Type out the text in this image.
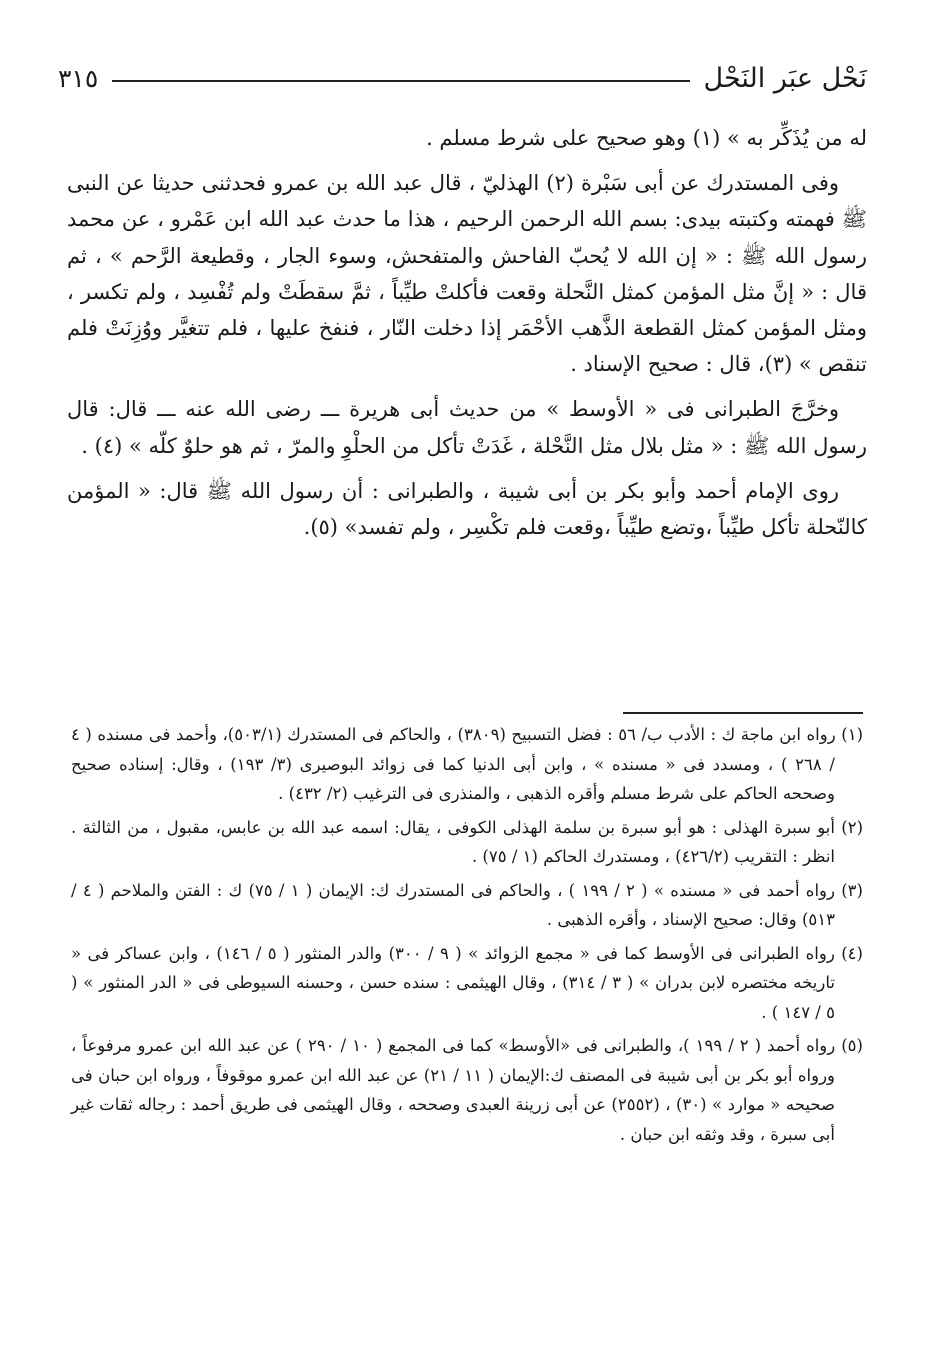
نَحْل عبَر النَحْل
٣١٥

له من يُذَكِّر به » (١) وهو صحيح على شرط مسلم .

وفى المستدرك عن أبى سَبْرة (٢) الهذليّ ، قال عبد الله بن عمرو فحدثنى حديثا عن النبى ﷺ فهمته وكتبته بيدى: بسم الله الرحمن الرحيم ، هذا ما حدث عبد الله ابن عَمْرو ، عن محمد رسول الله ﷺ : « إن الله لا يُحبّ الفاحش والمتفحش، وسوء الجار ، وقطيعة الرَّحم » ، ثم قال : « إنَّ مثل المؤمن كمثل النَّحلة وقعت فأكلتْ طيِّباً ، ثمَّ سقطَتْ ولم تُفْسِد ، ولم تكسر ، ومثل المؤمن كمثل القطعة الذَّهب الأحْمَر إذا دخلت النّار ، فنفخ عليها ، فلم تتغيَّر ووُزِنَتْ فلم تنقص » (٣)، قال : صحيح الإسناد .

وخرَّجَ الطبرانى فى « الأوسط » من حديث أبى هريرة ـــ رضى الله عنه ـــ قال: قال رسول الله ﷺ : « مثل بلال مثل النَّحْلة ، غَدَتْ تأكل من الحلْوِ والمرّ ، ثم هو حلوٌ كلّه » (٤) .

روى الإمام أحمد وأبو بكر بن أبى شيبة ، والطبرانى : أن رسول الله ﷺ قال: « المؤمن كالنّحلة تأكل طيِّباً ،وتضع طيِّباً ،وقعت فلم تكْسِر ، ولم تفسد» (٥).

(١) رواه ابن ماجة ك : الأدب ب/ ٥٦ : فضل التسبيح (٣٨٠٩) ، والحاكم فى المستدرك (٥٠٣/١)، وأحمد فى مسنده ( ٤ / ٢٦٨ ) ، ومسدد فى « مسنده » ، وابن أبى الدنيا كما فى زوائد البوصيرى (٣/ ١٩٣) ، وقال: إسناده صحيح وصححه الحاكم على شرط مسلم وأقره الذهبى ، والمنذرى فى الترغيب (٢/ ٤٣٢) .

(٢) أبو سبرة الهذلى : هو أبو سبرة بن سلمة الهذلى الكوفى ، يقال: اسمه عبد الله بن عابس، مقبول ، من الثالثة . انظر : التقريب (٤٢٦/٢) ، ومستدرك الحاكم (١ / ٧٥) .

(٣) رواه أحمد فى « مسنده » ( ٢ / ١٩٩ ) ، والحاكم فى المستدرك ك: الإيمان ( ١ / ٧٥) ك : الفتن والملاحم ( ٤ / ٥١٣) وقال: صحيح الإسناد ، وأقره الذهبى .

(٤) رواه الطبرانى فى الأوسط كما فى « مجمع الزوائد » ( ٩ / ٣٠٠) والدر المنثور ( ٥ / ١٤٦) ، وابن عساكر فى « تاريخه مختصره لابن بدران » ( ٣ / ٣١٤) ، وقال الهيثمى : سنده حسن ، وحسنه السيوطى فى « الدر المنثور » ( ٥ / ١٤٧ ) .

(٥) رواه أحمد ( ٢ / ١٩٩ )، والطبرانى فى «الأوسط» كما فى المجمع ( ١٠ / ٢٩٠ ) عن عبد الله ابن عمرو مرفوعاً ، ورواه أبو بكر بن أبى شيبة فى المصنف ك:الإيمان ( ١١ / ٢١) عن عبد الله ابن عمرو موقوفاً ، ورواه ابن حبان فى صحيحه « موارد » (٣٠) ، (٢٥٥٢) عن أبى زرينة العبدى وصححه ، وقال الهيثمى فى طريق أحمد : رجاله ثقات غير أبى سبرة ، وقد وثقه ابن حبان .
